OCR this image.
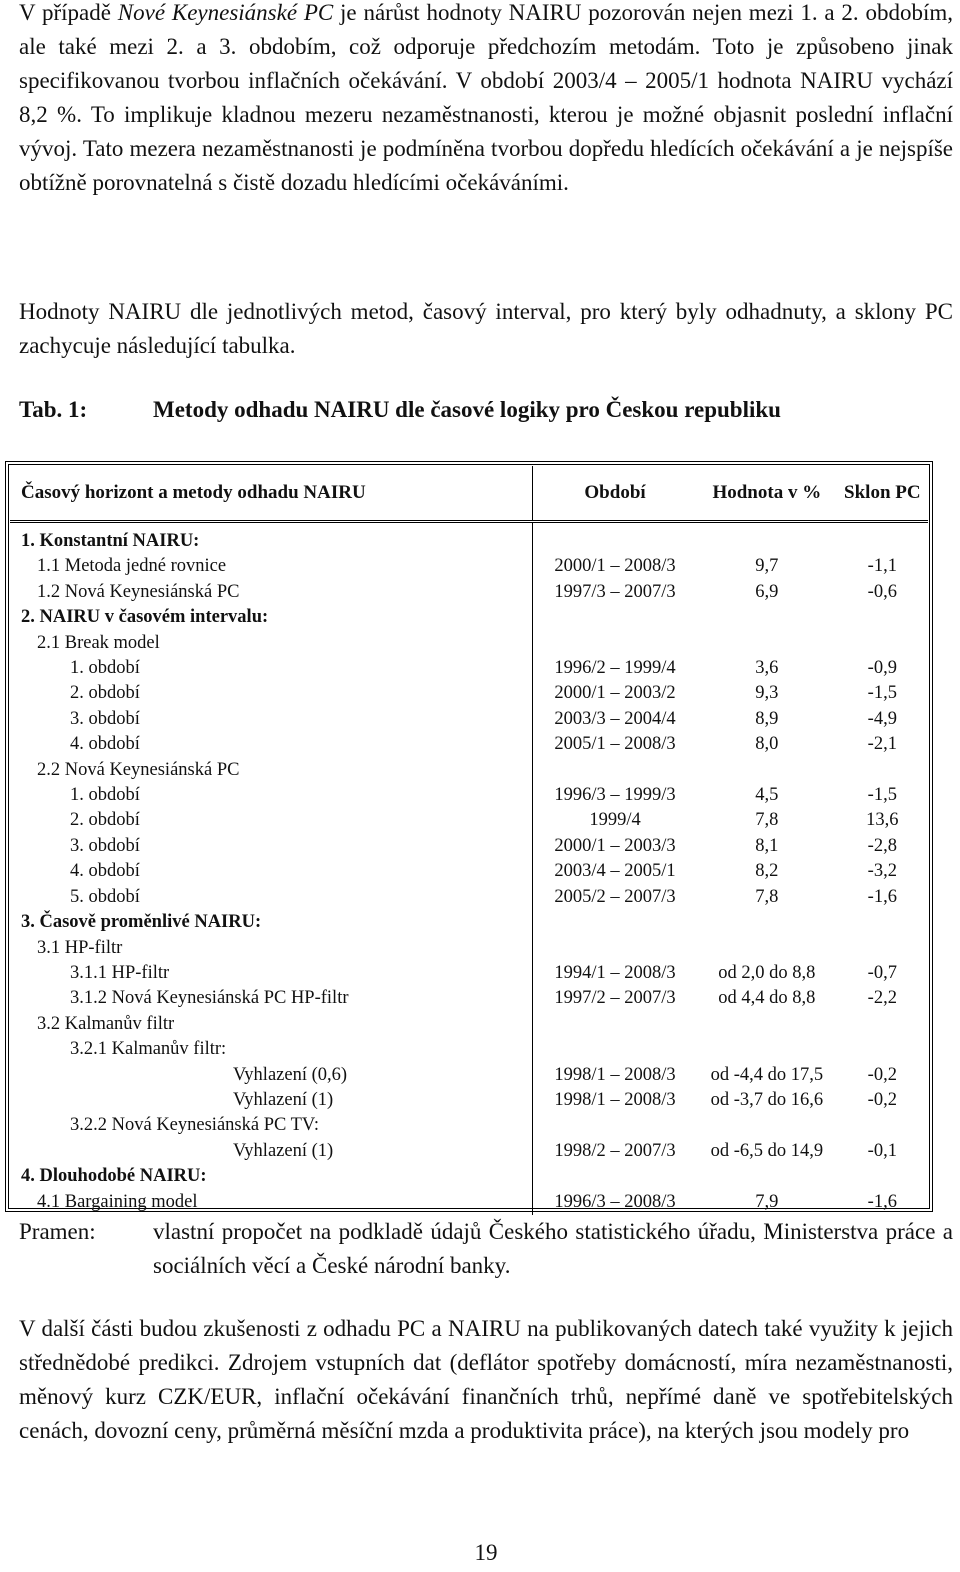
V případě Nové Keynesiánské PC je nárůst hodnoty NAIRU pozorován nejen mezi 1. a 2. obdobím, ale také mezi 2. a 3. obdobím, což odporuje předchozím metodám. Toto je způsobeno jinak specifikovanou tvorbou inflačních očekávání. V období 2003/4 – 2005/1 hodnota NAIRU vychází 8,2 %. To implikuje kladnou mezeru nezaměstnanosti, kterou je možné objasnit poslední inflační vývoj. Tato mezera nezaměstnanosti je podmíněna tvorbou dopředu hledících očekávání a je nejspíše obtížně porovnatelná s čistě dozadu hledícími očekáváními.

Hodnoty NAIRU dle jednotlivých metod, časový interval, pro který byly odhadnuty, a sklony PC zachycuje následující tabulka.

Tab. 1:	Metody odhadu NAIRU dle časové logiky pro Českou republiku
Časový horizont a metody odhadu NAIRU	Období	Hodnota v %	Sklon PC
1. Konstantní NAIRU:			
1.1 Metoda jedné rovnice	2000/1 – 2008/3	9,7	-1,1
1.2 Nová Keynesiánská PC	1997/3 – 2007/3	6,9	-0,6
2. NAIRU v časovém intervalu:			
2.1 Break model			
1. období	1996/2 – 1999/4	3,6	-0,9
2. období	2000/1 – 2003/2	9,3	-1,5
3. období	2003/3 – 2004/4	8,9	-4,9
4. období	2005/1 – 2008/3	8,0	-2,1
2.2 Nová Keynesiánská PC			
1. období	1996/3 – 1999/3	4,5	-1,5
2. období	1999/4	7,8	13,6
3. období	2000/1 – 2003/3	8,1	-2,8
4. období	2003/4 – 2005/1	8,2	-3,2
5. období	2005/2 – 2007/3	7,8	-1,6
3. Časově proměnlivé NAIRU:			
3.1 HP-filtr			
3.1.1 HP-filtr	1994/1 – 2008/3	od 2,0 do 8,8	-0,7
3.1.2 Nová Keynesiánská PC HP-filtr	1997/2 – 2007/3	od 4,4 do 8,8	-2,2
3.2 Kalmanův filtr			
3.2.1 Kalmanův filtr:			
Vyhlazení (0,6)	1998/1 – 2008/3	od -4,4 do 17,5	-0,2
Vyhlazení (1)	1998/1 – 2008/3	od -3,7 do 16,6	-0,2
3.2.2 Nová Keynesiánská PC TV:			
Vyhlazení (1)	1998/2 – 2007/3	od -6,5 do 14,9	-0,1
4. Dlouhodobé NAIRU:			
4.1 Bargaining model	1996/3 – 2008/3	7,9	-1,6
Pramen: vlastní propočet na podkladě údajů Českého statistického úřadu, Ministerstva práce a sociálních věcí a České národní banky.

V další části budou zkušenosti z odhadu PC a NAIRU na publikovaných datech také využity k jejich střednědobé predikci. Zdrojem vstupních dat (deflátor spotřeby domácností, míra nezaměstnanosti, měnový kurz CZK/EUR, inflační očekávání finančních trhů, nepřímé daně ve spotřebitelských cenách, dovozní ceny, průměrná měsíční mzda a produktivita práce), na kterých jsou modely pro

19
